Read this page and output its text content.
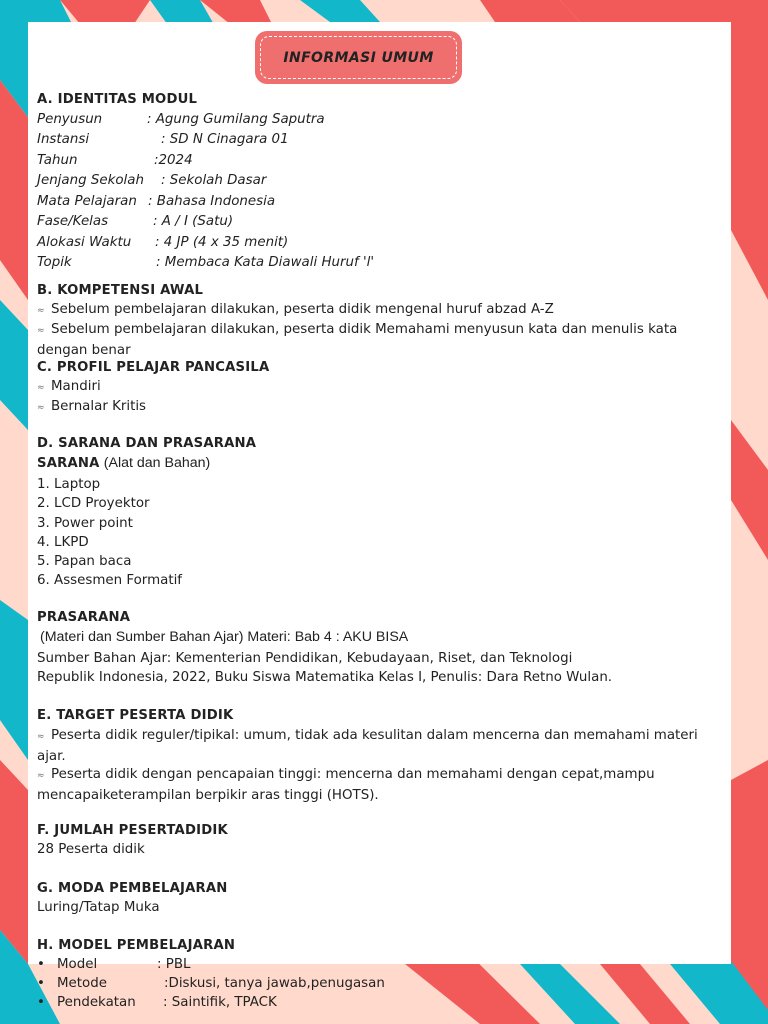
INFORMASI UMUM
A. IDENTITAS MODUL
Penyusun	: Agung Gumilang Saputra
Instansi	: SD N Cinagara 01
Tahun	:2024
Jenjang Sekolah : Sekolah Dasar
Mata Pelajaran : Bahasa Indonesia
Fase/Kelas	: A / I (Satu)
Alokasi Waktu : 4 JP (4 x 35 menit)
Topik	: Membaca Kata Diawali Huruf 'l'
B. KOMPETENSI AWAL
≈ Sebelum pembelajaran dilakukan, peserta didik mengenal huruf abzad A-Z
≈ Sebelum pembelajaran dilakukan, peserta didik Memahami menyusun kata dan menulis kata dengan benar
C. PROFIL PELAJAR PANCASILA
≈ Mandiri
≈ Bernalar Kritis
D. SARANA DAN PRASARANA
SARANA (Alat dan Bahan)
1. Laptop
2. LCD Proyektor
3. Power point
4. LKPD
5. Papan baca
6. Assesmen Formatif
PRASARANA
(Materi dan Sumber Bahan Ajar) Materi: Bab 4 : AKU BISA
Sumber Bahan Ajar: Kementerian Pendidikan, Kebudayaan, Riset, dan Teknologi
Republik Indonesia, 2022, Buku Siswa Matematika Kelas I, Penulis: Dara Retno Wulan.
E. TARGET PESERTA DIDIK
≈ Peserta didik reguler/tipikal: umum, tidak ada kesulitan dalam mencerna dan memahami materi ajar.
≈ Peserta didik dengan pencapaian tinggi: mencerna dan memahami dengan cepat,mampu mencapaiketerampilan berpikir aras tinggi (HOTS).
F. JUMLAH PESERTADIDIK
28 Peserta didik
G. MODA PEMBELAJARAN
Luring/Tatap Muka
H. MODEL PEMBELAJARAN
• Model	: PBL
• Metode	:Diskusi, tanya jawab,penugasan
• Pendekatan : Saintifik, TPACK
